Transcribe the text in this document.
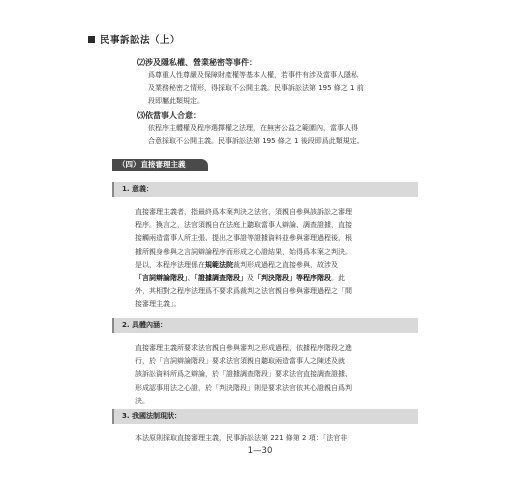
民事訴訟法（上）
⑵涉及隱私權、營業秘密等事件：

爲尊重人性尊嚴及保障財產權等基本人權，若事件有涉及當事人隱私
及業務秘密之情形，得採取不公開主義。民事訴訟法第 195 條之 1 前
段即屬此類規定。

⑶依當事人合意：

依程序主體權及程序選擇權之法理，在無害公益之範圍內，當事人得
合意採取不公開主義。民事訴訟法第 195 條之 1 後段即爲此類規定。

（四）直接審理主義
1. 意義：

直接審理主義者，指最終爲本案判決之法官，須親自參與該訴訟之審理
程序。換言之，法官須親自在法庭上聽取當事人辯論、調查證據，直接
接觸兩造當事人所主張、提出之事證等證據資料並參與審理過程後，根
據所親身參與之言詞辯論程序而形成之心證結果，始得爲本案之判決。
是以，本程序法理係在規範法院裁判形成過程之直接參與，故涉及
「言詞辯論階段」、「證據調查階段」及「判決階段」等程序階段。此
外，其相對之程序法理爲不要求爲裁判之法官親自參與審理過程之「間
接審理主義」。

2. 具體內涵：

直接審理主義所要求法官親自參與審判之形成過程，依據程序階段之進
行，於「言詞辯論階段」要求法官須親自聽取兩造當事人之陳述及就
該訴訟資料所爲之辯論，於「證據調查階段」要求法官直接調查證據、
形成認事用法之心證，於「判決階段」則是要求法官依其心證親自爲判
決。

3. 我國法制現狀：

本法原則採取直接審理主義，民事訴訟法第 221 條第 2 項：「法官非

1—30
